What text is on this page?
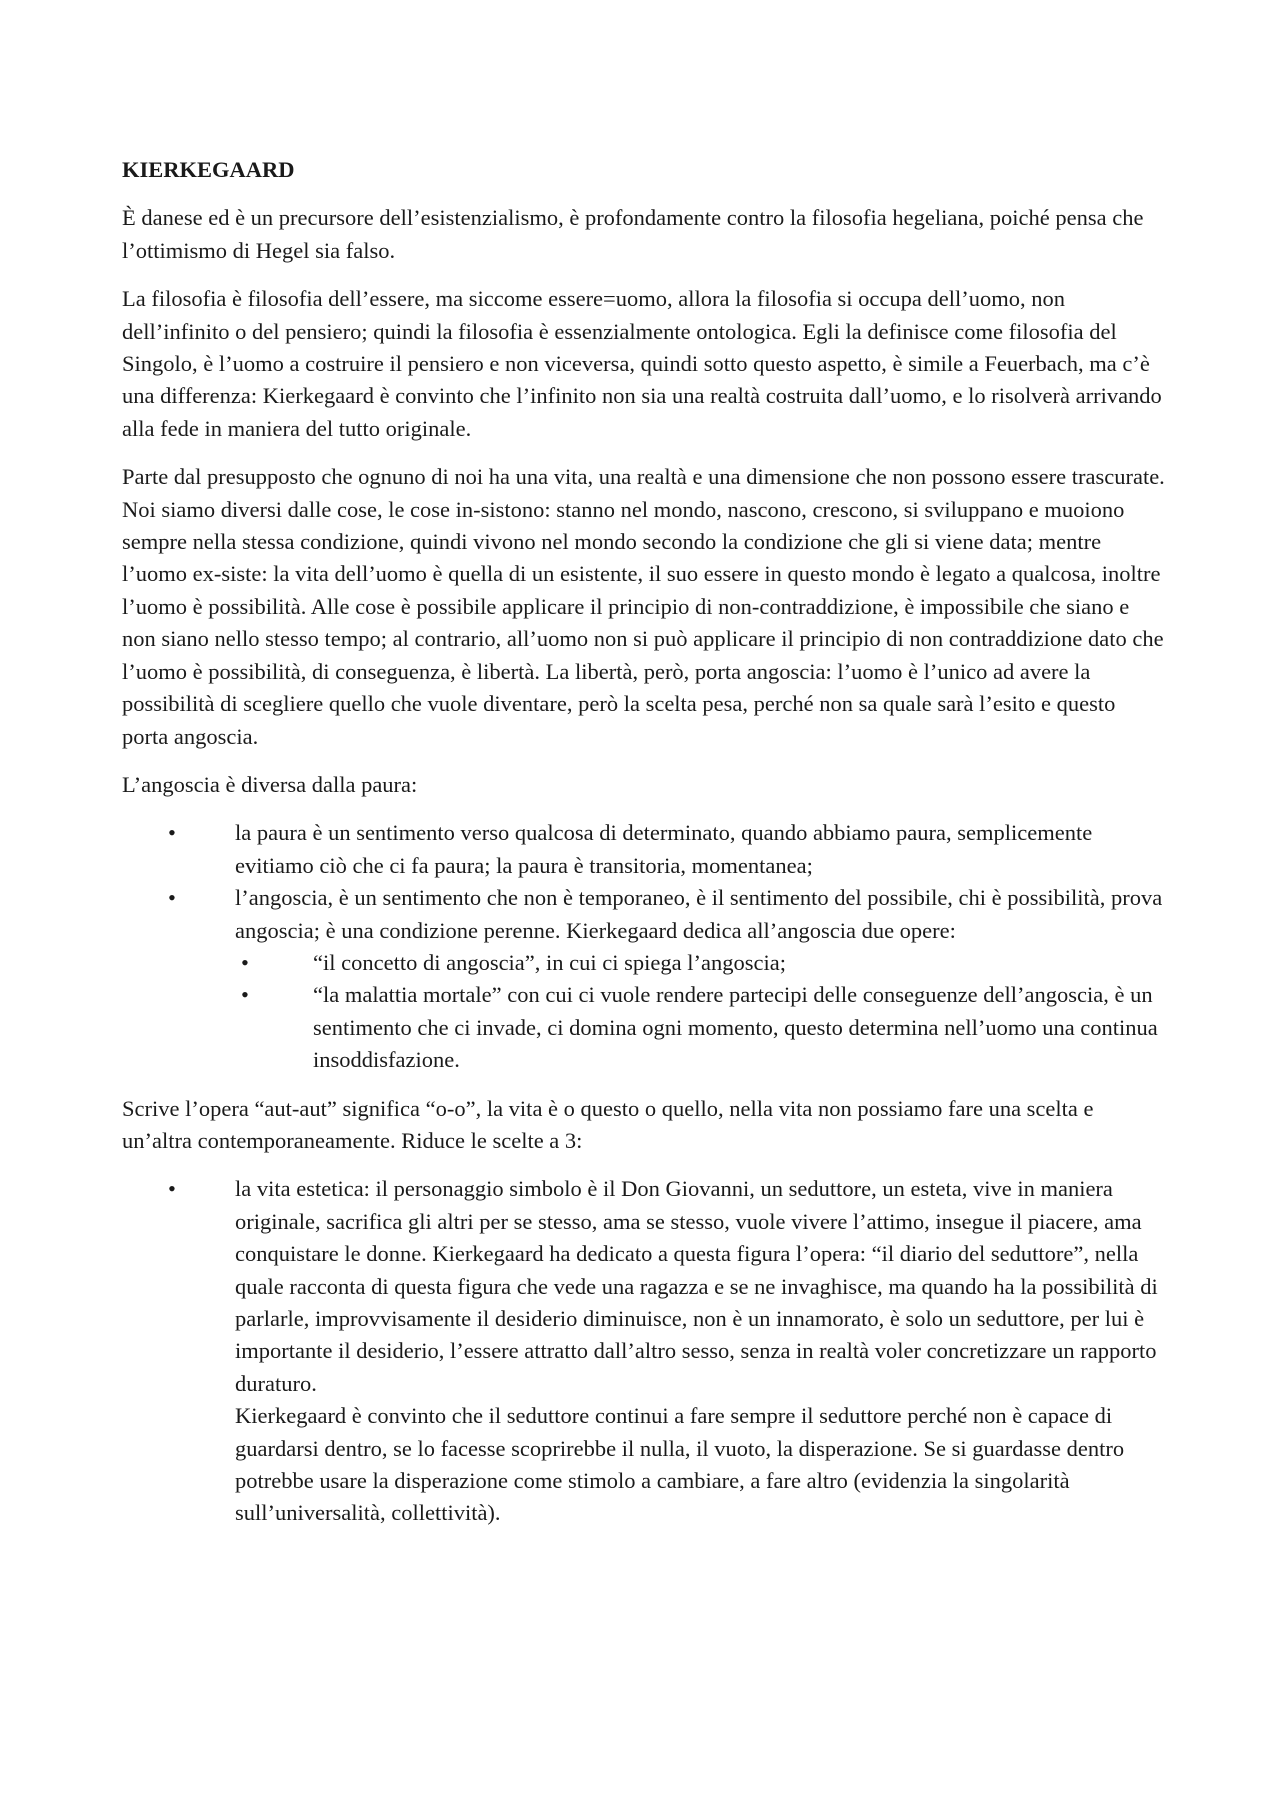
KIERKEGAARD

È danese ed è un precursore dell’esistenzialismo, è profondamente contro la filosofia hegeliana, poiché pensa che l’ottimismo di Hegel sia falso.

La filosofia è filosofia dell’essere, ma siccome essere=uomo, allora la filosofia si occupa dell’uomo, non dell’infinito o del pensiero; quindi la filosofia è essenzialmente ontologica. Egli la definisce come filosofia del Singolo, è l’uomo a costruire il pensiero e non viceversa, quindi sotto questo aspetto, è simile a Feuerbach, ma c’è una differenza: Kierkegaard è convinto che l’infinito non sia una realtà costruita dall’uomo, e lo risolverà arrivando alla fede in maniera del tutto originale.

Parte dal presupposto che ognuno di noi ha una vita, una realtà e una dimensione che non possono essere trascurate. Noi siamo diversi dalle cose, le cose in-sistono: stanno nel mondo, nascono, crescono, si sviluppano e muoiono sempre nella stessa condizione, quindi vivono nel mondo secondo la condizione che gli si viene data; mentre l’uomo ex-siste: la vita dell’uomo è quella di un esistente, il suo essere in questo mondo è legato a qualcosa, inoltre l’uomo è possibilità. Alle cose è possibile applicare il principio di non-contraddizione, è impossibile che siano e non siano nello stesso tempo; al contrario, all’uomo non si può applicare il principio di non contraddizione dato che l’uomo è possibilità, di conseguenza, è libertà. La libertà, però, porta angoscia: l’uomo è l’unico ad avere la possibilità di scegliere quello che vuole diventare, però la scelta pesa, perché non sa quale sarà l’esito e questo porta angoscia.

L’angoscia è diversa dalla paura:

•	la paura è un sentimento verso qualcosa di determinato, quando abbiamo paura, semplicemente evitiamo ciò che ci fa paura; la paura è transitoria, momentanea;
•	l’angoscia, è un sentimento che non è temporaneo, è il sentimento del possibile, chi è possibilità, prova angoscia; è una condizione perenne. Kierkegaard dedica all’angoscia due opere:
•	“il concetto di angoscia”, in cui ci spiega l’angoscia;
•	“la malattia mortale” con cui ci vuole rendere partecipi delle conseguenze dell’angoscia, è un sentimento che ci invade, ci domina ogni momento, questo determina nell’uomo una continua insoddisfazione.

Scrive l’opera “aut-aut” significa “o-o”, la vita è o questo o quello, nella vita non possiamo fare una scelta e un’altra contemporaneamente. Riduce le scelte a 3:

•	la vita estetica: il personaggio simbolo è il Don Giovanni, un seduttore, un esteta, vive in maniera originale, sacrifica gli altri per se stesso, ama se stesso, vuole vivere l’attimo, insegue il piacere, ama conquistare le donne. Kierkegaard ha dedicato a questa figura l’opera: “il diario del seduttore”, nella quale racconta di questa figura che vede una ragazza e se ne invaghisce, ma quando ha la possibilità di parlarle, improvvisamente il desiderio diminuisce, non è un innamorato, è solo un seduttore, per lui è importante il desiderio, l’essere attratto dall’altro sesso, senza in realtà voler concretizzare un rapporto duraturo.
Kierkegaard è convinto che il seduttore continui a fare sempre il seduttore perché non è capace di guardarsi dentro, se lo facesse scoprirebbe il nulla, il vuoto, la disperazione. Se si guardasse dentro potrebbe usare la disperazione come stimolo a cambiare, a fare altro (evidenzia la singolarità sull’universalità, collettività).
